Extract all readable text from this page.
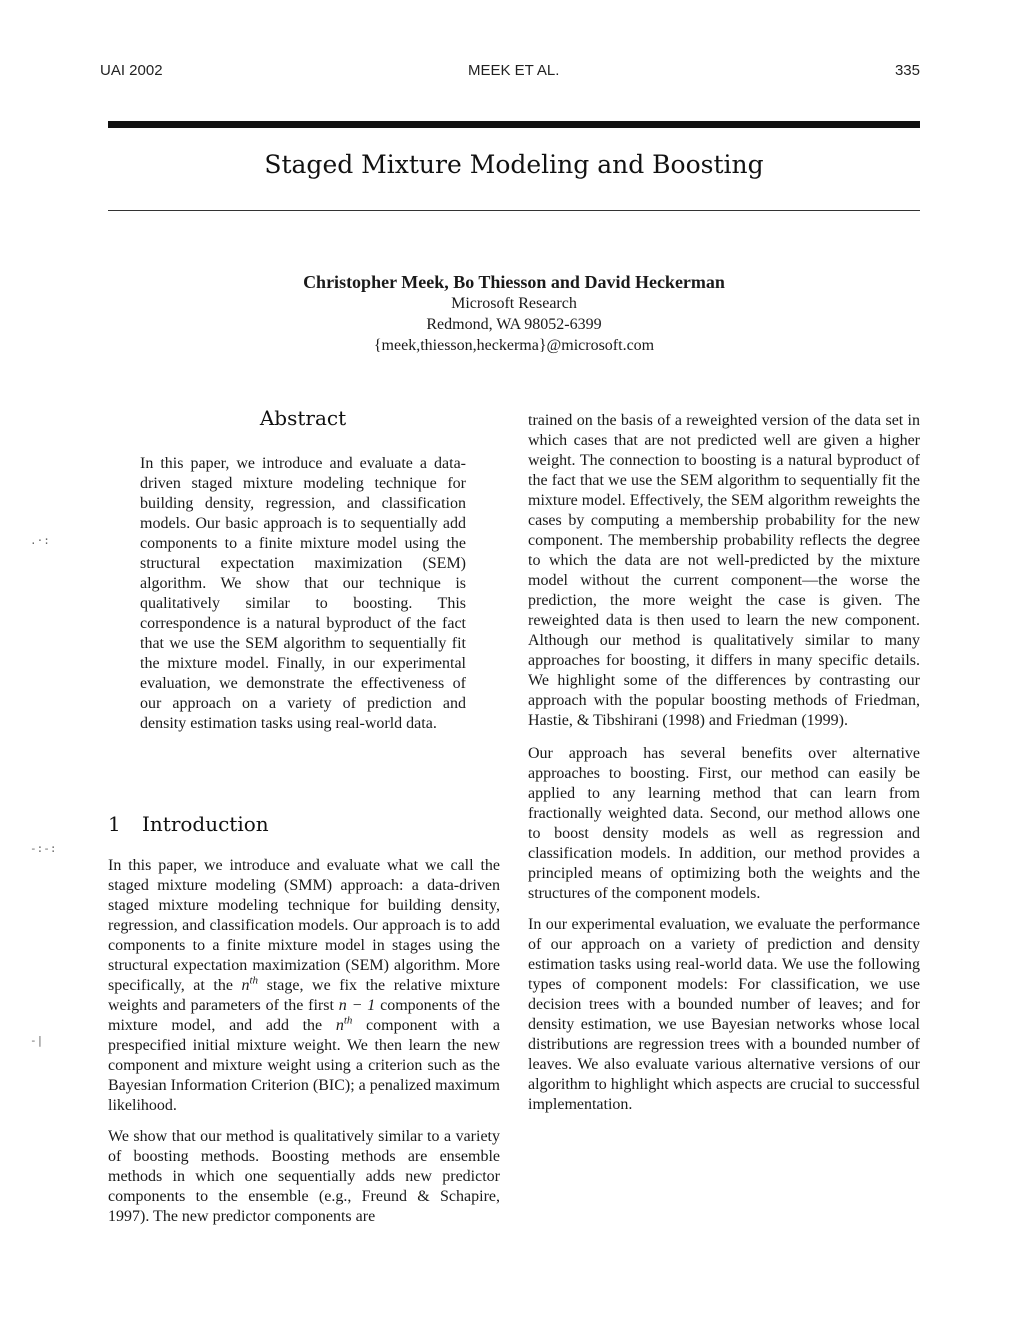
UAI 2002	MEEK ET AL.	335
Staged Mixture Modeling and Boosting
Christopher Meek, Bo Thiesson and David Heckerman
Microsoft Research
Redmond, WA 98052-6399
{meek,thiesson,heckerma}@microsoft.com
Abstract

In this paper, we introduce and evaluate a data-driven staged mixture modeling technique for building density, regression, and classification models. Our basic approach is to sequentially add components to a finite mixture model using the structural expectation maximization (SEM) algorithm. We show that our technique is qualitatively similar to boosting. This correspondence is a natural byproduct of the fact that we use the SEM algorithm to sequentially fit the mixture model. Finally, in our experimental evaluation, we demonstrate the effectiveness of our approach on a variety of prediction and density estimation tasks using real-world data.

1 Introduction

In this paper, we introduce and evaluate what we call the staged mixture modeling (SMM) approach: a data-driven staged mixture modeling technique for building density, regression, and classification models. Our approach is to add components to a finite mixture model in stages using the structural expectation maximization (SEM) algorithm. More specifically, at the $n^{th}$ stage, we fix the relative mixture weights and parameters of the first n − 1 components of the mixture model, and add the $n^{th}$ component with a prespecified initial mixture weight. We then learn the new component and mixture weight using a criterion such as the Bayesian Information Criterion (BIC); a penalized maximum likelihood.

We show that our method is qualitatively similar to a variety of boosting methods. Boosting methods are ensemble methods in which one sequentially adds new predictor components to the ensemble (e.g., Freund & Schapire, 1997). The new predictor components are

trained on the basis of a reweighted version of the data set in which cases that are not predicted well are given a higher weight. The connection to boosting is a natural byproduct of the fact that we use the SEM algorithm to sequentially fit the mixture model. Effectively, the SEM algorithm reweights the cases by computing a membership probability for the new component. The membership probability reflects the degree to which the data are not well-predicted by the mixture model without the current component—the worse the prediction, the more weight the case is given. The reweighted data is then used to learn the new component. Although our method is qualitatively similar to many approaches for boosting, it differs in many specific details. We highlight some of the differences by contrasting our approach with the popular boosting methods of Friedman, Hastie, & Tibshirani (1998) and Friedman (1999).

Our approach has several benefits over alternative approaches to boosting. First, our method can easily be applied to any learning method that can learn from fractionally weighted data. Second, our method allows one to boost density models as well as regression and classification models. In addition, our method provides a principled means of optimizing both the weights and the structures of the component models.

In our experimental evaluation, we evaluate the performance of our approach on a variety of prediction and density estimation tasks using real-world data. We use the following types of component models: For classification, we use decision trees with a bounded number of leaves; and for density estimation, we use Bayesian networks whose local distributions are regression trees with a bounded number of leaves. We also evaluate various alternative versions of our algorithm to highlight which aspects are crucial to successful implementation.

.·:
-:-:
-|
